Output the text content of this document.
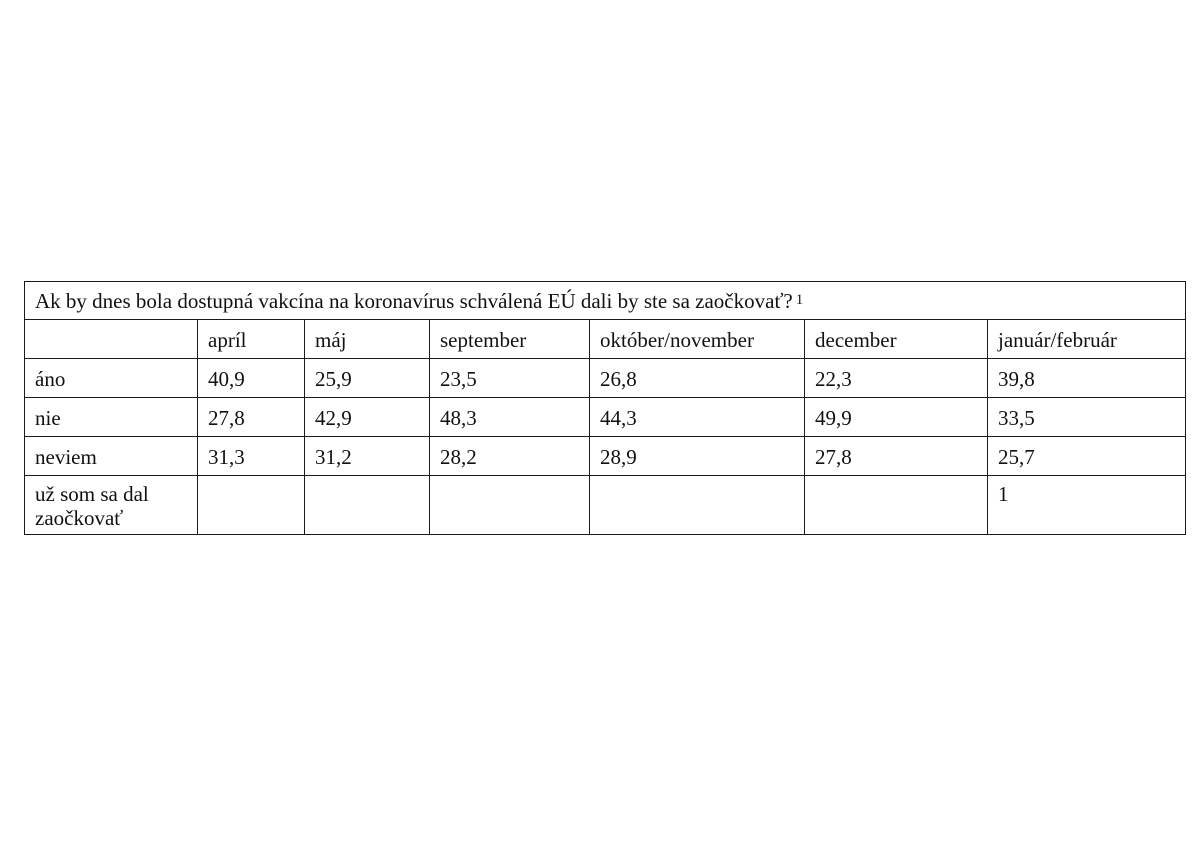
Ak by dnes bola dostupná vakcína na koronavírus schválená EÚ dali by ste sa zaočkovať? 1						
	apríl	máj	september	október/november	december	január/február
áno	40,9	25,9	23,5	26,8	22,3	39,8
nie	27,8	42,9	48,3	44,3	49,9	33,5
neviem	31,3	31,2	28,2	28,9	27,8	25,7
už som sa dal zaočkovať						1
